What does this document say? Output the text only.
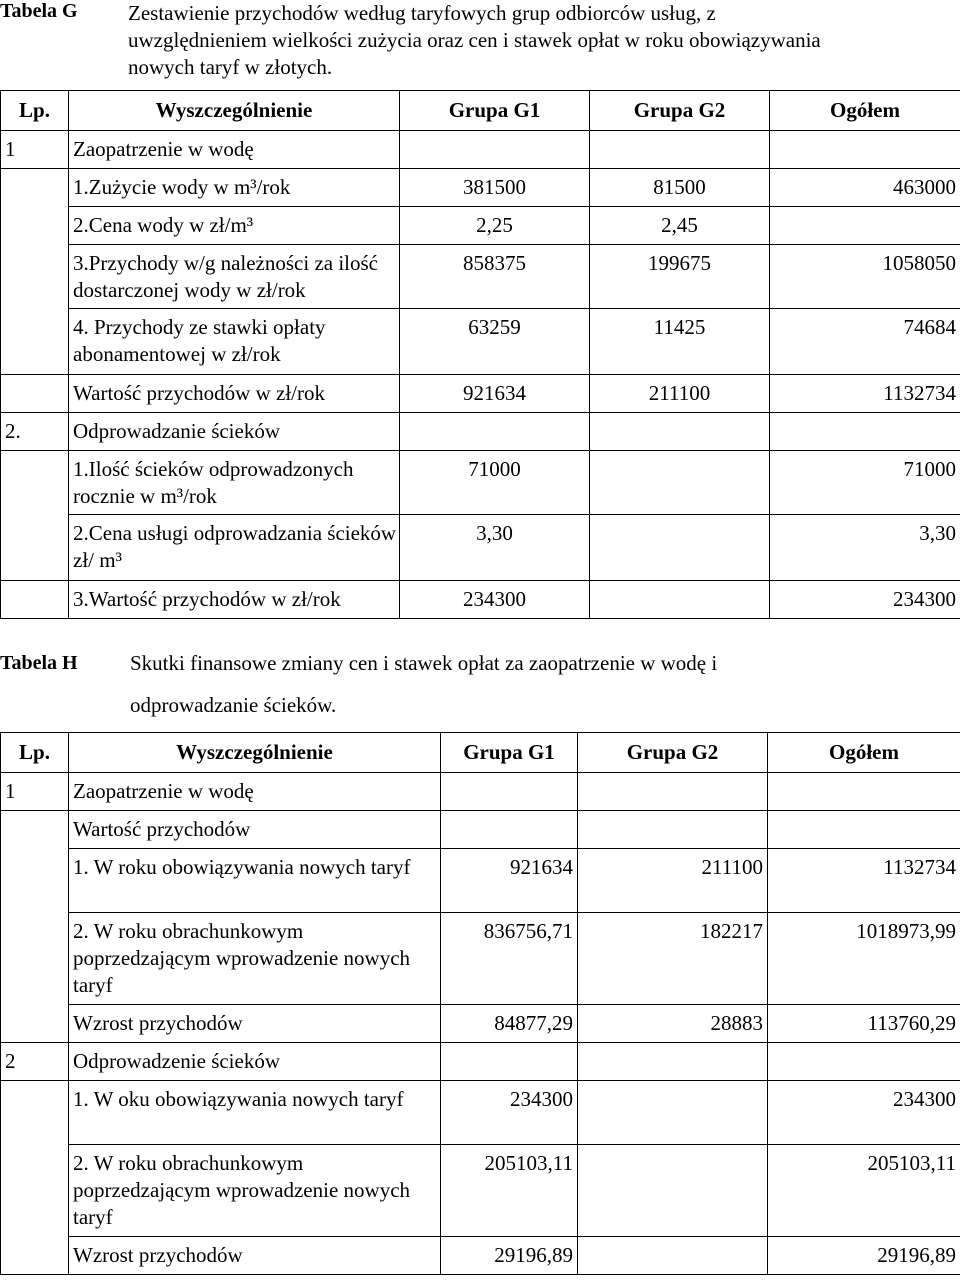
Tabela G Zestawienie przychodów według taryfowych grup odbiorców usług, z uwzględnieniem wielkości zużycia oraz cen i stawek opłat w roku obowiązywania nowych taryf w złotych.
Lp.	Wyszczególnienie	Grupa G1	Grupa G2	Ogółem
1	Zaopatrzenie w wodę			
	1.Zużycie wody w m³/rok	381500	81500	463000
	2.Cena wody w zł/m³	2,25	2,45	
	3.Przychody w/g należności za ilość dostarczonej wody w zł/rok	858375	199675	1058050
	4. Przychody ze stawki opłaty abonamentowej w zł/rok	63259	11425	74684
	Wartość przychodów w zł/rok	921634	211100	1132734
2.	Odprowadzanie ścieków			
	1.Ilość ścieków odprowadzonych rocznie w m³/rok	71000		71000
	2.Cena usługi odprowadzania ścieków    zł/ m³	3,30		3,30
	3.Wartość przychodów w zł/rok	234300		234300
Tabela H Skutki finansowe zmiany cen i stawek opłat za zaopatrzenie w wodę i
odprowadzanie ścieków.
Lp.	Wyszczególnienie	Grupa G1	Grupa G2	Ogółem
1	Zaopatrzenie w wodę			
	Wartość przychodów			
	1. W roku obowiązywania nowych taryf	921634	211100	1132734
	2. W roku obrachunkowym poprzedzającym wprowadzenie nowych taryf	836756,71	182217	1018973,99
	Wzrost przychodów	84877,29	28883	113760,29
2	Odprowadzenie ścieków			
	1. W oku obowiązywania nowych taryf	234300		234300
	2. W roku obrachunkowym poprzedzającym wprowadzenie nowych taryf	205103,11		205103,11
	Wzrost przychodów	29196,89		29196,89
